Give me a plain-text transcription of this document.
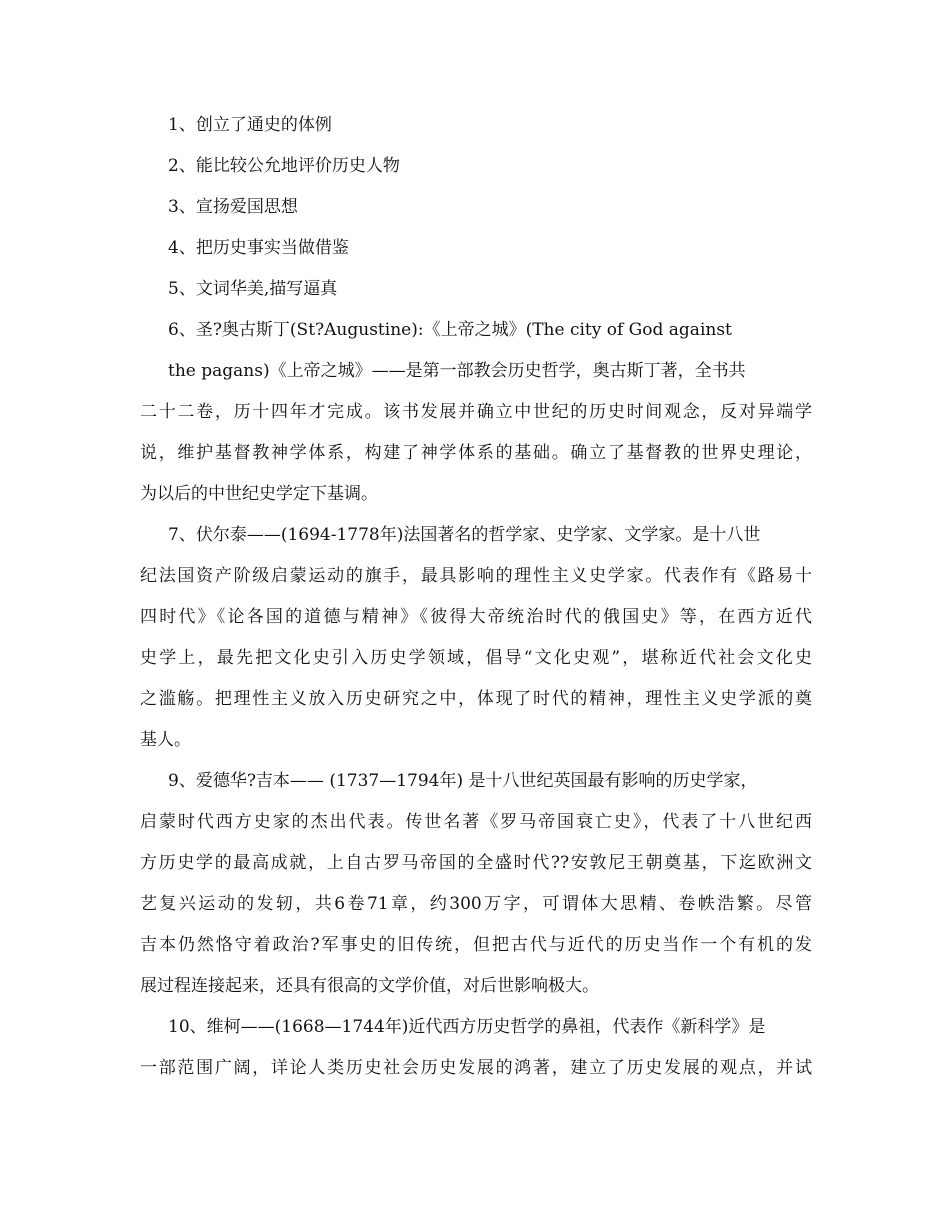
1、创立了通史的体例

2、能比较公允地评价历史人物

3、宣扬爱国思想

4、把历史事实当做借鉴

5、文词华美,描写逼真

6、圣?奥古斯丁(St?Augustine):《上帝之城》(The city of God against

the pagans)《上帝之城》——是第一部教会历史哲学，奥古斯丁著，全书共

二十二卷，历十四年才完成。该书发展并确立中世纪的历史时间观念，反对异端学

说，维护基督教神学体系，构建了神学体系的基础。确立了基督教的世界史理论，

为以后的中世纪史学定下基调。

7、伏尔泰——(1694-1778年)法国著名的哲学家、史学家、文学家。是十八世

纪法国资产阶级启蒙运动的旗手，最具影响的理性主义史学家。代表作有《路易十

四时代》《论各国的道德与精神》《彼得大帝统治时代的俄国史》等，在西方近代

史学上，最先把文化史引入历史学领域，倡导“文化史观”，堪称近代社会文化史

之滥觞。把理性主义放入历史研究之中，体现了时代的精神，理性主义史学派的奠

基人。

9、爱德华?吉本—— (1737—1794年) 是十八世纪英国最有影响的历史学家，

启蒙时代西方史家的杰出代表。传世名著《罗马帝国衰亡史》，代表了十八世纪西

方历史学的最高成就，上自古罗马帝国的全盛时代??安敦尼王朝奠基，下迄欧洲文

艺复兴运动的发轫，共6卷71章，约300万字，可谓体大思精、卷帙浩繁。尽管

吉本仍然恪守着政治?军事史的旧传统，但把古代与近代的历史当作一个有机的发

展过程连接起来，还具有很高的文学价值，对后世影响极大。

10、维柯——(1668—1744年)近代西方历史哲学的鼻祖，代表作《新科学》是

一部范围广阔，详论人类历史社会历史发展的鸿著，建立了历史发展的观点，并试
